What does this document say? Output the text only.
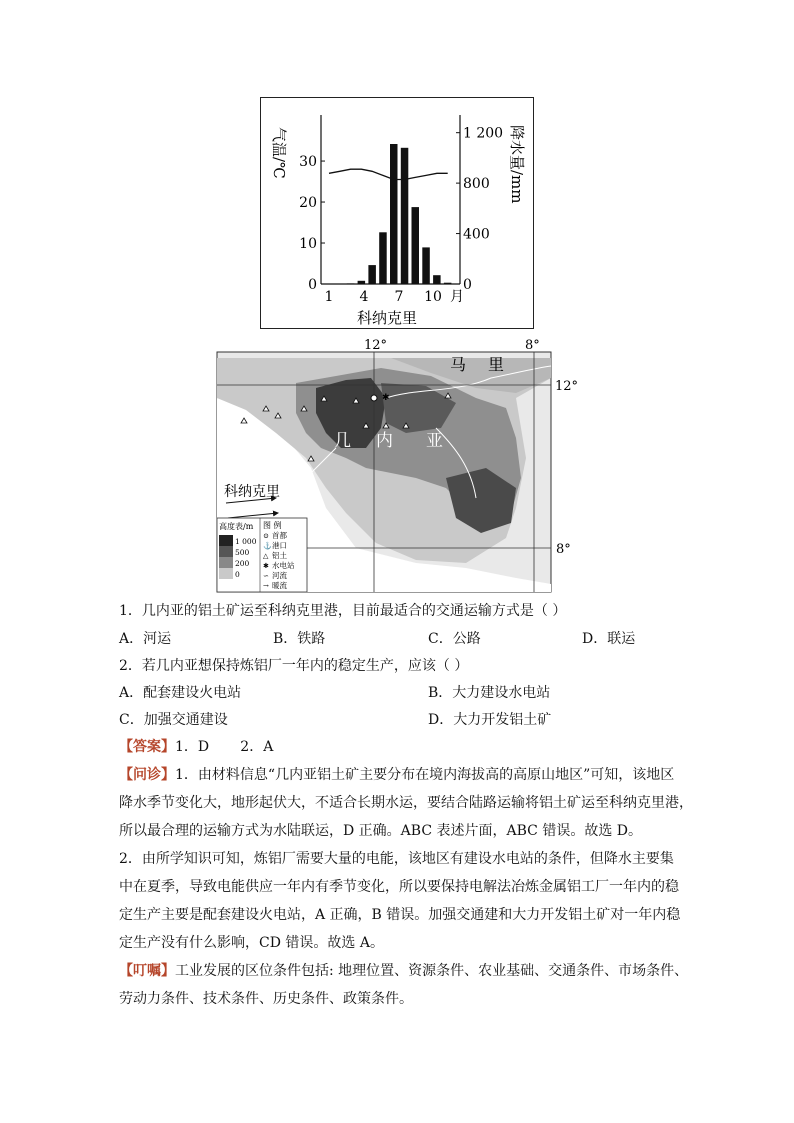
气温/℃	降水量/mm
0
10
20
30
0
400
800
1 200
1 4 7 10 月
科纳克里
✱
12°	8°
12°
8°
马 里
几 内 亚
科纳克里
高度表/m
1 000
500
200
0
图 例
⊙
⚓
△
✱
∽
→
首都
港口
铝土
水电站
河流
暖流
1．几内亚的铝土矿运至科纳克里港，目前最适合的交通运输方式是（ ）
A．河运	B．铁路	C．公路	D．联运
2．若几内亚想保持炼铝厂一年内的稳定生产，应该（ ）
A．配套建设火电站	B．大力建设水电站
C．加强交通建设	D．大力开发铝土矿
【答案】1．D       2．A
【问诊】1．由材料信息“几内亚铝土矿主要分布在境内海拔高的高原山地区”可知，该地区
降水季节变化大，地形起伏大，不适合长期水运，要结合陆路运输将铝土矿运至科纳克里港，
所以最合理的运输方式为水陆联运，D 正确。ABC 表述片面，ABC 错误。故选 D。
2．由所学知识可知，炼铝厂需要大量的电能，该地区有建设水电站的条件，但降水主要集
中在夏季，导致电能供应一年内有季节变化，所以要保持电解法冶炼金属铝工厂一年内的稳
定生产主要是配套建设火电站，A 正确，B 错误。加强交通建和大力开发铝土矿对一年内稳
定生产没有什么影响，CD 错误。故选 A。
【叮嘱】工业发展的区位条件包括: 地理位置、资源条件、农业基础、交通条件、市场条件、
劳动力条件、技术条件、历史条件、政策条件。
